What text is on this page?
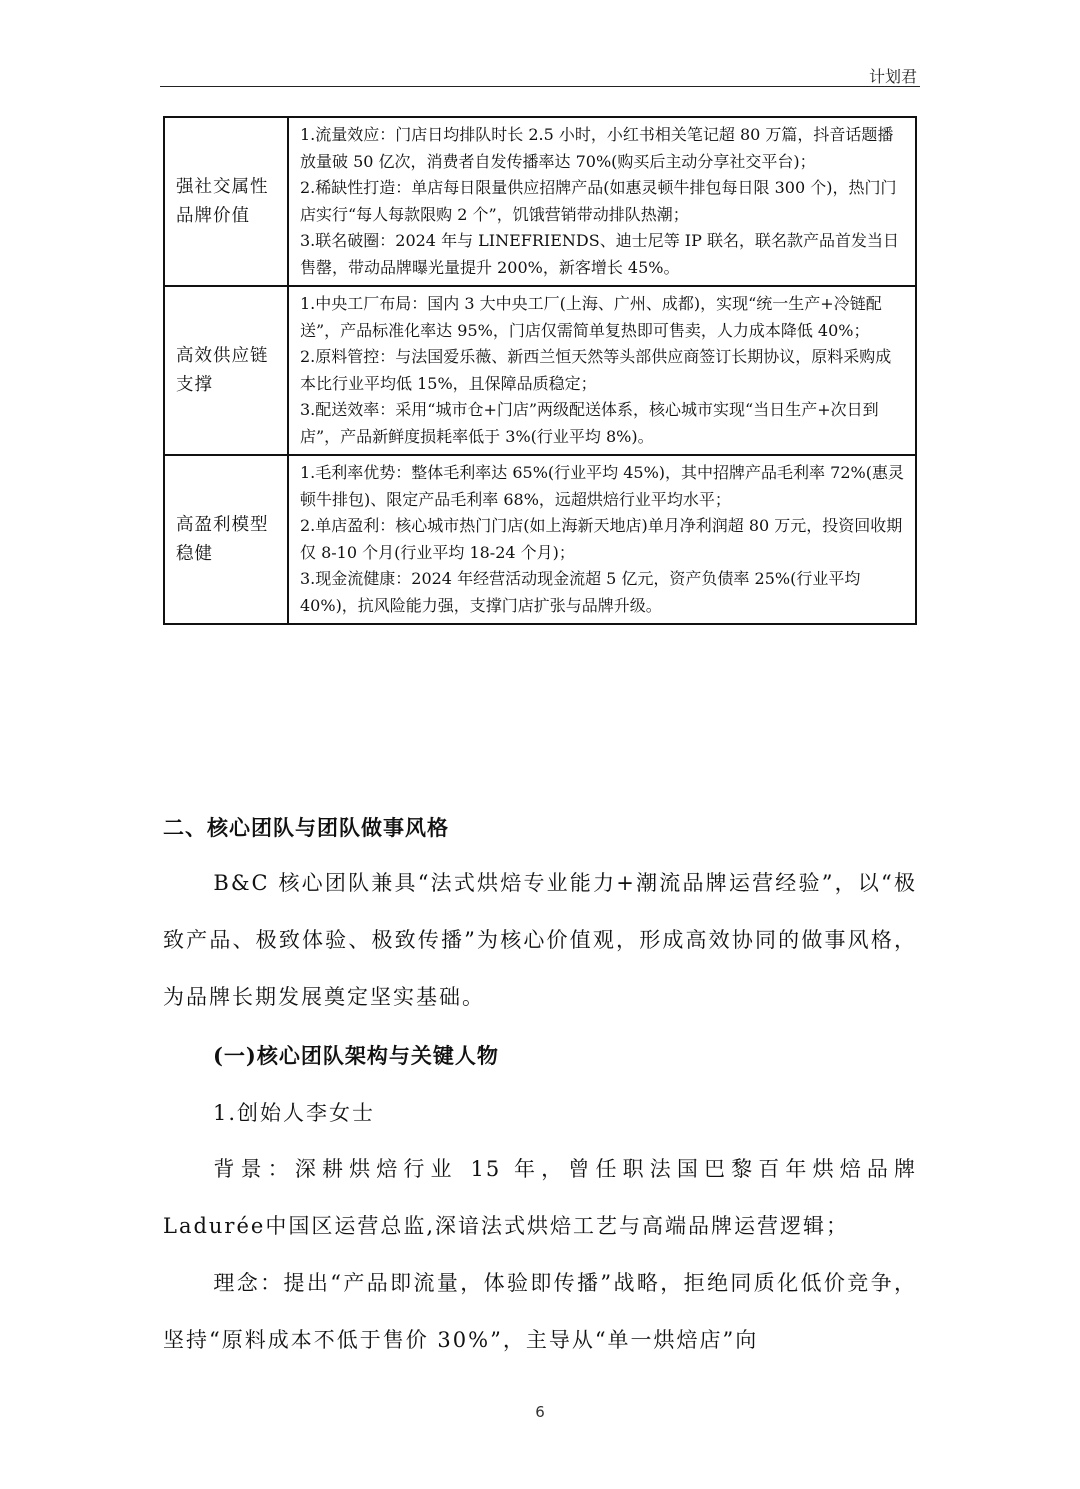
计划君
强社交属性品牌价值	1.流量效应：门店日均排队时长 2.5 小时，小红书相关笔记超 80 万篇，抖音话题播放量破 50 亿次，消费者自发传播率达 70%(购买后主动分享社交平台)；

2.稀缺性打造：单店每日限量供应招牌产品(如惠灵顿牛排包每日限 300 个)，热门门店实行“每人每款限购 2 个”，饥饿营销带动排队热潮；

3.联名破圈：2024 年与 LINEFRIENDS、迪士尼等 IP 联名，联名款产品首发当日售罄，带动品牌曝光量提升 200%，新客增长 45%。

高效供应链支撑	1.中央工厂布局：国内 3 大中央工厂(上海、广州、成都)，实现“统一生产+冷链配送”，产品标准化率达 95%，门店仅需简单复热即可售卖，人力成本降低 40%；

2.原料管控：与法国爱乐薇、新西兰恒天然等头部供应商签订长期协议，原料采购成本比行业平均低 15%，且保障品质稳定；

3.配送效率：采用“城市仓+门店”两级配送体系，核心城市实现“当日生产+次日到店”，产品新鲜度损耗率低于 3%(行业平均 8%)。

高盈利模型稳健	1.毛利率优势：整体毛利率达 65%(行业平均 45%)，其中招牌产品毛利率 72%(惠灵顿牛排包)、限定产品毛利率 68%，远超烘焙行业平均水平；

2.单店盈利：核心城市热门门店(如上海新天地店)单月净利润超 80 万元，投资回收期仅 8-10 个月(行业平均 18-24 个月)；

3.现金流健康：2024 年经营活动现金流超 5 亿元，资产负债率 25%(行业平均 40%)，抗风险能力强，支撑门店扩张与品牌升级。

二、核心团队与团队做事风格

B&C 核心团队兼具“法式烘焙专业能力+潮流品牌运营经验”，以“极致产品、极致体验、极致传播”为核心价值观，形成高效协同的做事风格，为品牌长期发展奠定坚实基础。

(一)核心团队架构与关键人物
1.创始人李女士

背景：深耕烘焙行业 15 年，曾任职法国巴黎百年烘焙品牌 Ladurée中国区运营总监,深谙法式烘焙工艺与高端品牌运营逻辑；

理念：提出“产品即流量，体验即传播”战略，拒绝同质化低价竞争，坚持“原料成本不低于售价 30%”，主导从“单一烘焙店”向

6
